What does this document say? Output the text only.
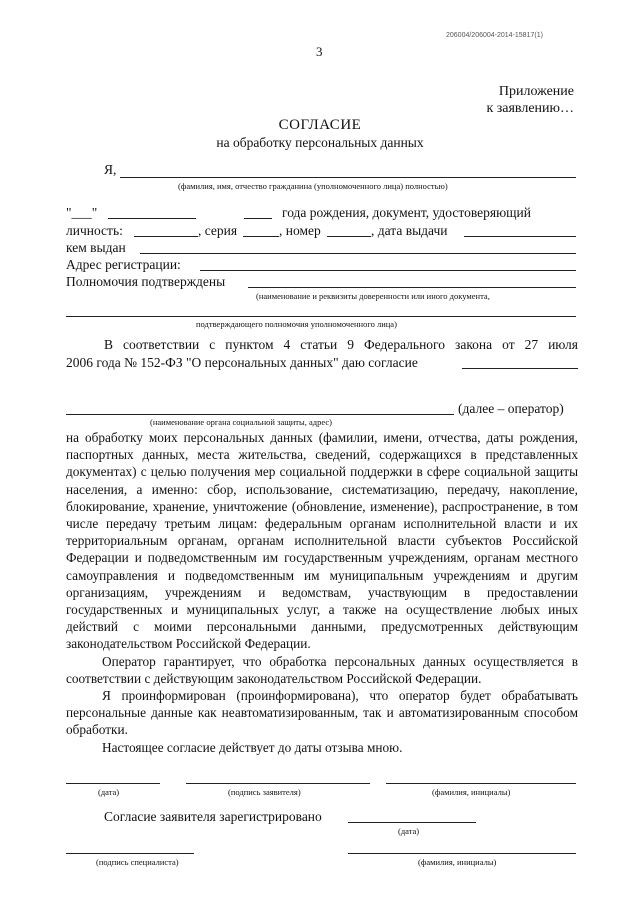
206004/206004-2014-15817(1)
3
Приложение
к заявлению…
СОГЛАСИЕ
на обработку персональных данных
Я,
(фамилия, имя, отчество гражданина (уполномоченного лица) полностью)
"___"	года рождения, документ, удостоверяющий
личность:	, серия	, номер	, дата выдачи
кем выдан
Адрес регистрации:
Полномочия подтверждены
(наименование и реквизиты доверенности или иного документа,
подтверждающего полномочия уполномоченного лица)
В соответствии с пунктом 4 статьи 9 Федерального закона от 27 июля
2006 года № 152-ФЗ "О персональных данных" даю согласие
(далее – оператор)
(наименование органа социальной защиты, адрес)

на обработку моих персональных данных (фамилии, имени, отчества, даты рождения, паспортных данных, места жительства, сведений, содержащихся в представленных документах) с целью получения мер социальной поддержки в сфере социальной защиты населения, а именно: сбор, использование, систематизацию, передачу, накопление, блокирование, хранение, уничтожение (обновление, изменение), распространение, в том числе передачу третьим лицам: федеральным органам исполнительной власти и их территориальным органам, органам исполнительной власти субъектов Российской Федерации и подведомственным им государственным учреждениям, органам местного самоуправления и подведомственным им муниципальным учреждениям и другим организациям, учреждениям и ведомствам, участвующим в предоставлении государственных и муниципальных услуг, а также на осуществление любых иных действий с моими персональными данными, предусмотренных действующим законодательством Российской Федерации.

Оператор гарантирует, что обработка персональных данных осуществляется в соответствии с действующим законодательством Российской Федерации.

Я проинформирован (проинформирована), что оператор будет обрабатывать персональные данные как неавтоматизированным, так и автоматизированным способом обработки.

Настоящее согласие действует до даты отзыва мною.

(дата)	(подпись заявителя)	(фамилия, инициалы)
Согласие заявителя зарегистрировано
(дата)
(подпись специалиста)	(фамилия, инициалы)
